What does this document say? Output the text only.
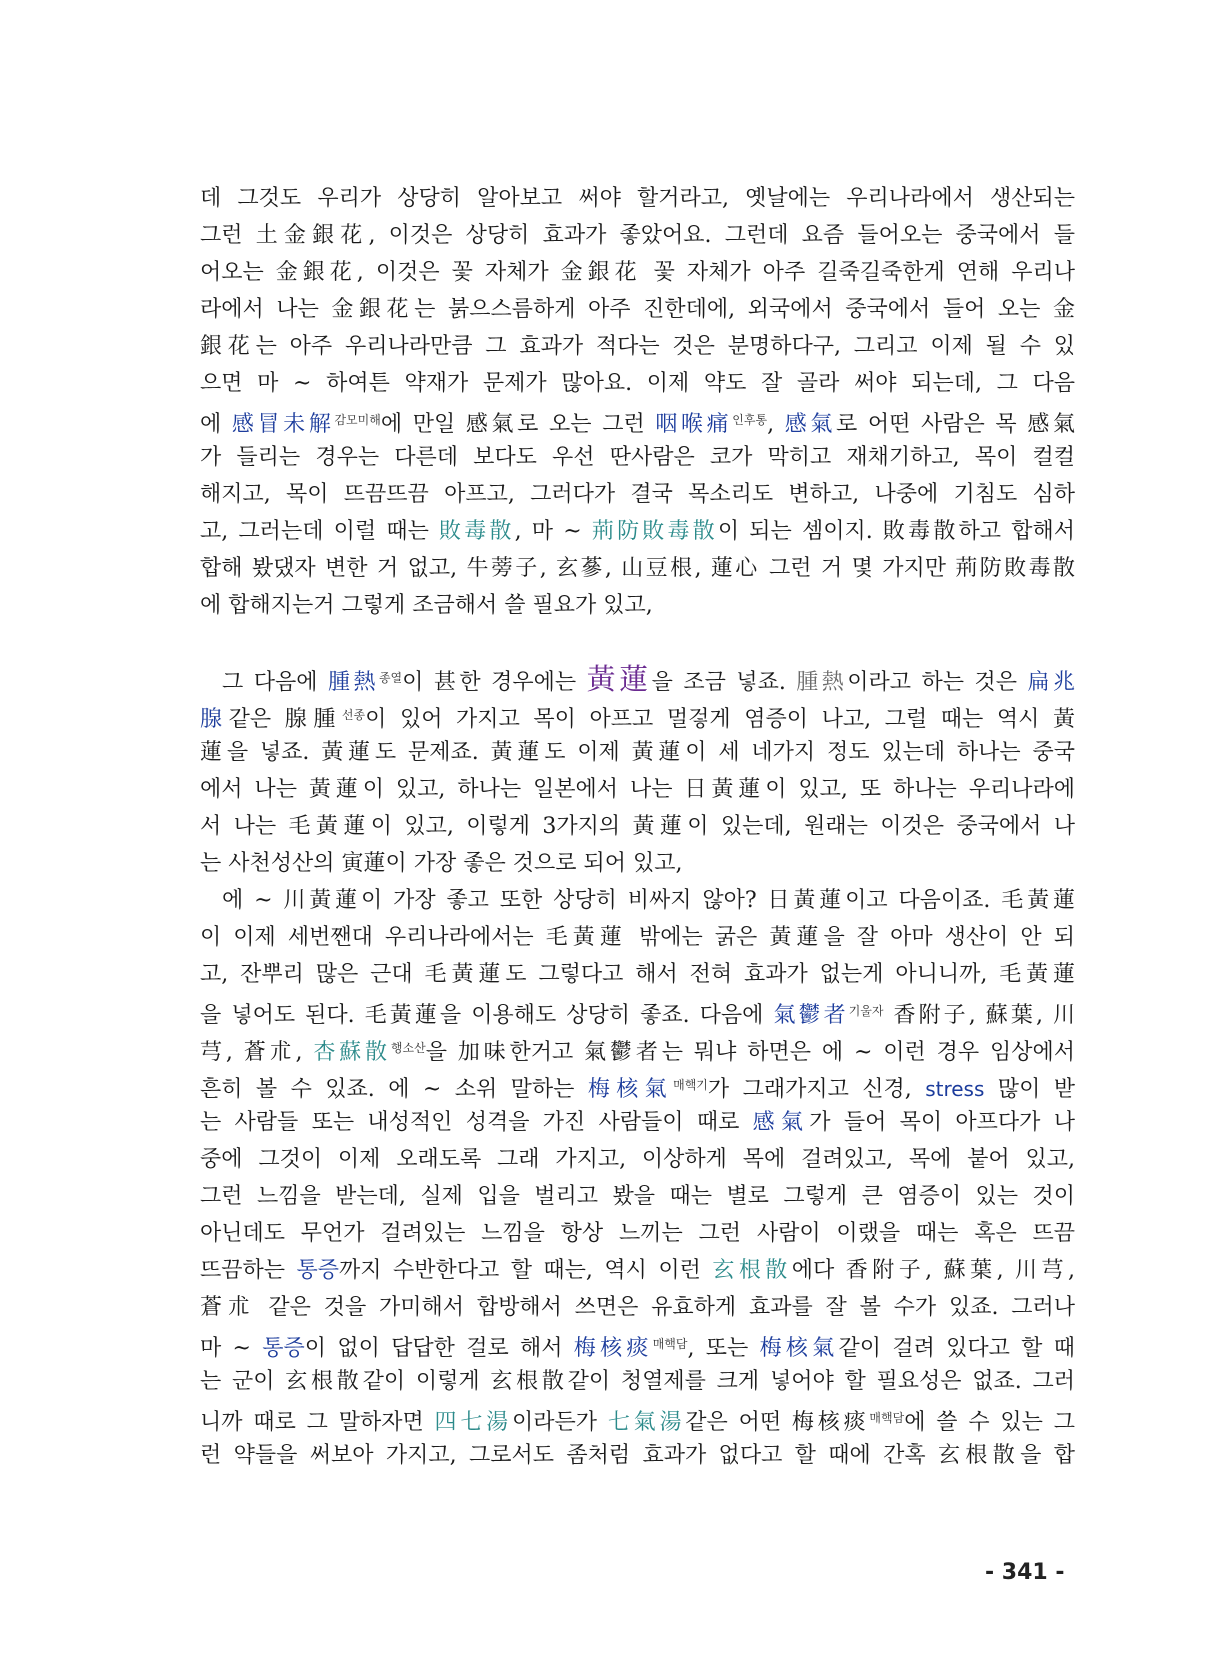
데 그것도 우리가 상당히 알아보고 써야 할거라고, 옛날에는 우리나라에서 생산되는
그런 土金銀花, 이것은 상당히 효과가 좋았어요. 그런데 요즘 들어오는 중국에서 들
어오는 金銀花, 이것은 꽃 자체가 金銀花 꽃 자체가 아주 길죽길죽한게 연해 우리나
라에서 나는 金銀花는 붉으스름하게 아주 진한데에, 외국에서 중국에서 들어 오는 金
銀花는 아주 우리나라만큼 그 효과가 적다는 것은 분명하다구, 그리고 이제 될 수 있
으면 마 ~ 하여튼 약재가 문제가 많아요. 이제 약도 잘 골라 써야 되는데, 그 다음
에 感冒未解$^{감모미해}$에 만일 感氣로 오는 그런 咽喉痛$^{인후통}$, 感氣로 어떤 사람은 목 感氣
가 들리는 경우는 다른데 보다도 우선 딴사람은 코가 막히고 재채기하고, 목이 컬컬
해지고, 목이 뜨끔뜨끔 아프고, 그러다가 결국 목소리도 변하고, 나중에 기침도 심하
고, 그러는데 이럴 때는 敗毒散, 마 ~ 荊防敗毒散이 되는 셈이지. 敗毒散하고 합해서
합해 봤댔자 변한 거 없고, 牛蒡子, 玄蔘, 山豆根, 蓮心 그런 거 몇 가지만 荊防敗毒散
에 합해지는거 그렇게 조금해서 쓸 필요가 있고,
그 다음에 腫熱$^{종열}$이 甚한 경우에는 黃蓮을 조금 넣죠. 腫熱이라고 하는 것은 扁兆
腺같은 腺腫$^{선종}$이 있어 가지고 목이 아프고 멀겋게 염증이 나고, 그럴 때는 역시 黃
蓮을 넣죠. 黃蓮도 문제죠. 黃蓮도 이제 黃蓮이 세 네가지 정도 있는데 하나는 중국
에서 나는 黃蓮이 있고, 하나는 일본에서 나는 日黃蓮이 있고, 또 하나는 우리나라에
서 나는 毛黃蓮이 있고, 이렇게 3가지의 黃蓮이 있는데, 원래는 이것은 중국에서 나
는 사천성산의 寅蓮이 가장 좋은 것으로 되어 있고,
에 ~ 川黃蓮이 가장 좋고 또한 상당히 비싸지 않아? 日黃蓮이고 다음이죠. 毛黃蓮
이 이제 세번짼대 우리나라에서는 毛黃蓮 밖에는 굵은 黃蓮을 잘 아마 생산이 안 되
고, 잔뿌리 많은 근대 毛黃蓮도 그렇다고 해서 전혀 효과가 없는게 아니니까, 毛黃蓮
을 넣어도 된다. 毛黃蓮을 이용해도 상당히 좋죠. 다음에 氣鬱者$^{기울자}$ 香附子, 蘇葉, 川
芎, 蒼朮, 杏蘇散$^{행소산}$을 加味한거고 氣鬱者는 뭐냐 하면은 에 ~ 이런 경우 임상에서
흔히 볼 수 있죠. 에 ~ 소위 말하는 梅核氣$^{매핵기}$가 그래가지고 신경, stress 많이 받
는 사람들 또는 내성적인 성격을 가진 사람들이 때로 感氣가 들어 목이 아프다가 나
중에 그것이 이제 오래도록 그래 가지고, 이상하게 목에 걸려있고, 목에 붙어 있고,
그런 느낌을 받는데, 실제 입을 벌리고 봤을 때는 별로 그렇게 큰 염증이 있는 것이
아닌데도 무언가 걸려있는 느낌을 항상 느끼는 그런 사람이 이랬을 때는 혹은 뜨끔
뜨끔하는 통증까지 수반한다고 할 때는, 역시 이런 玄根散에다 香附子, 蘇葉, 川芎,
蒼朮 같은 것을 가미해서 합방해서 쓰면은 유효하게 효과를 잘 볼 수가 있죠. 그러나
마 ~ 통증이 없이 답답한 걸로 해서 梅核痰$^{매핵담}$, 또는 梅核氣같이 걸려 있다고 할 때
는 군이 玄根散같이 이렇게 玄根散같이 청열제를 크게 넣어야 할 필요성은 없죠. 그러
니까 때로 그 말하자면 四七湯이라든가 七氣湯같은 어떤 梅核痰$^{매핵담}$에 쓸 수 있는 그
런 약들을 써보아 가지고, 그로서도 좀처럼 효과가 없다고 할 때에 간혹 玄根散을 합
- 341 -
